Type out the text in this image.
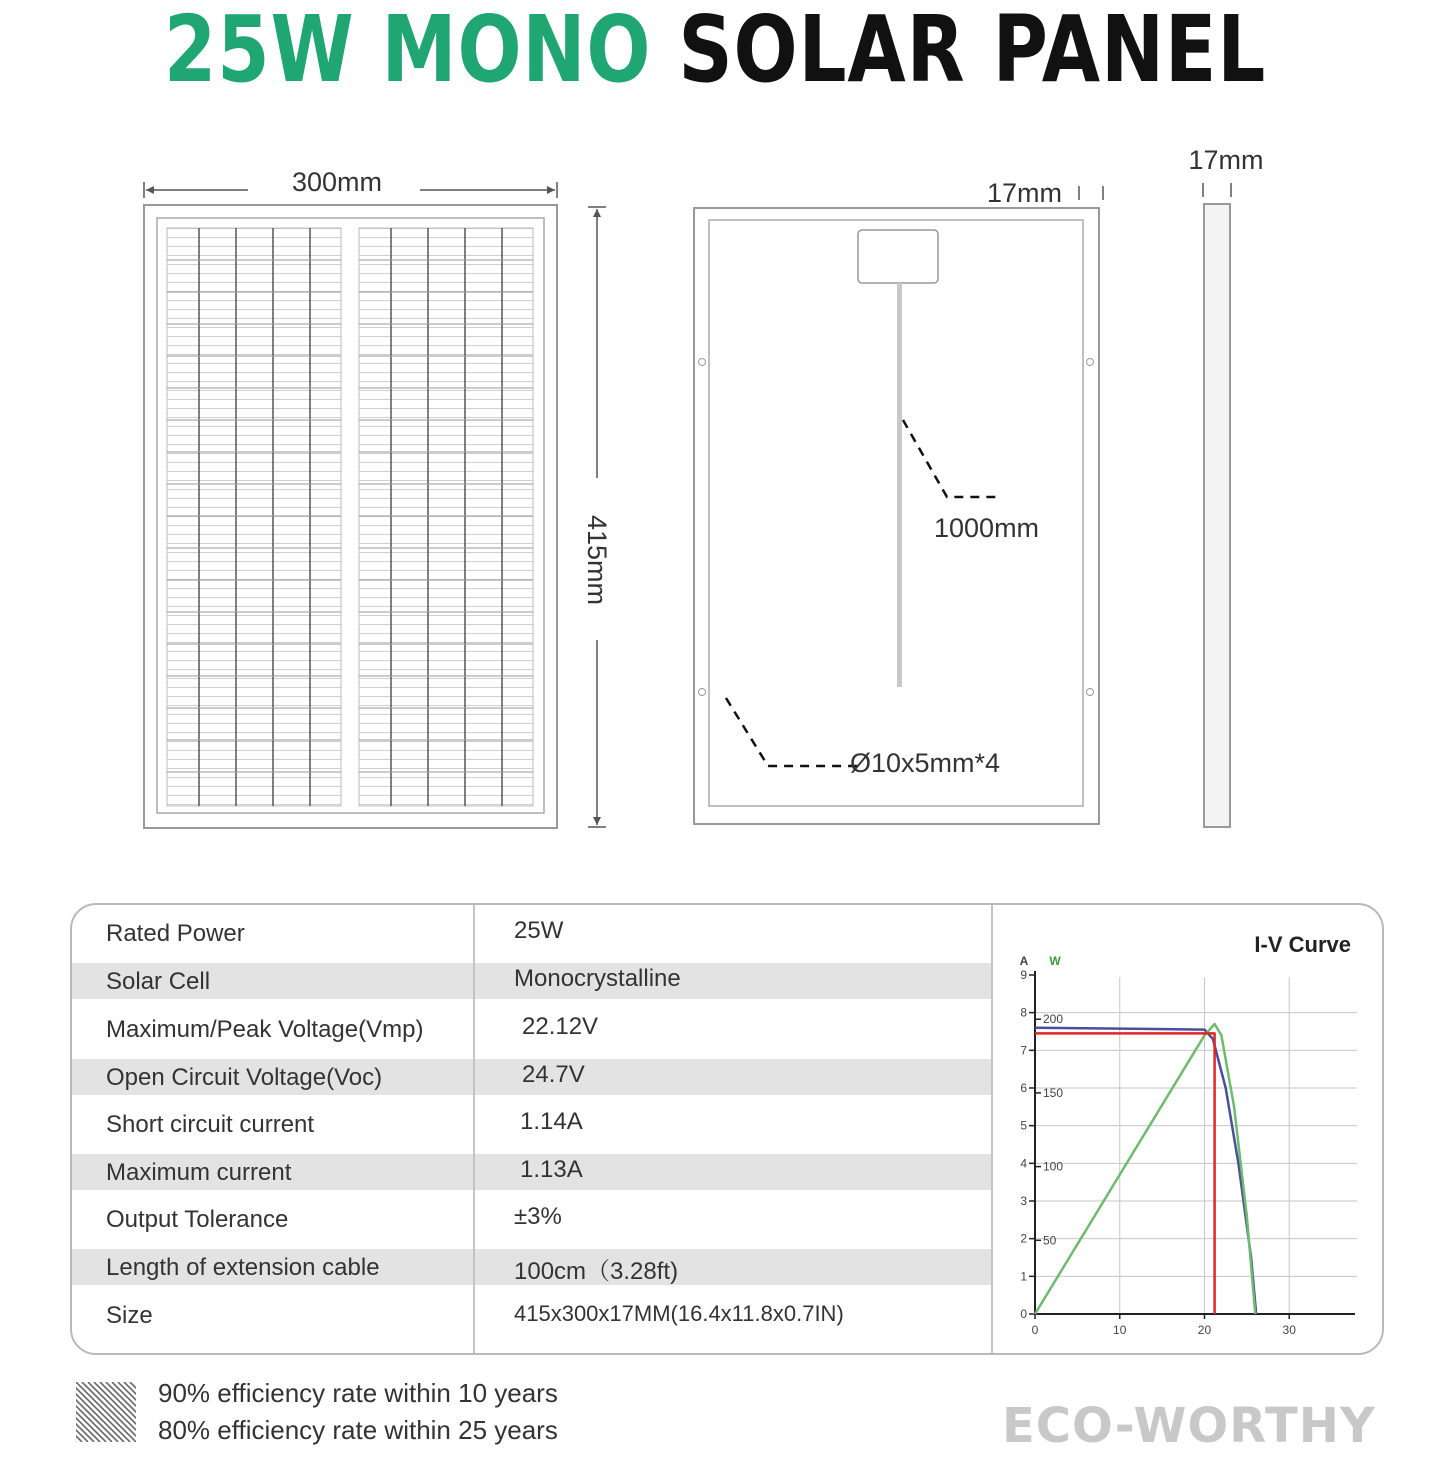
25W MONO SOLAR PANEL
300mm
415mm	1000mm
Ø10x5mm*4
17mm
17mm
Rated Power	25W
Solar Cell	Monocrystalline
Maximum/Peak Voltage(Vmp)	22.12V
Open Circuit Voltage(Voc)	24.7V
Short circuit current	1.14A
Maximum current	1.13A
Output Tolerance	±3%
Length of extension cable	100cm（3.28ft)
Size	415x300x17MM(16.4x11.8x0.7IN)
I-V Curve
0
1
2
3
4
5
6
7
8
9
50
100
150
200
0	10	20	30
A W
90% efficiency rate within 10 years
80% efficiency rate within 25 years	ECO-WORTHY
